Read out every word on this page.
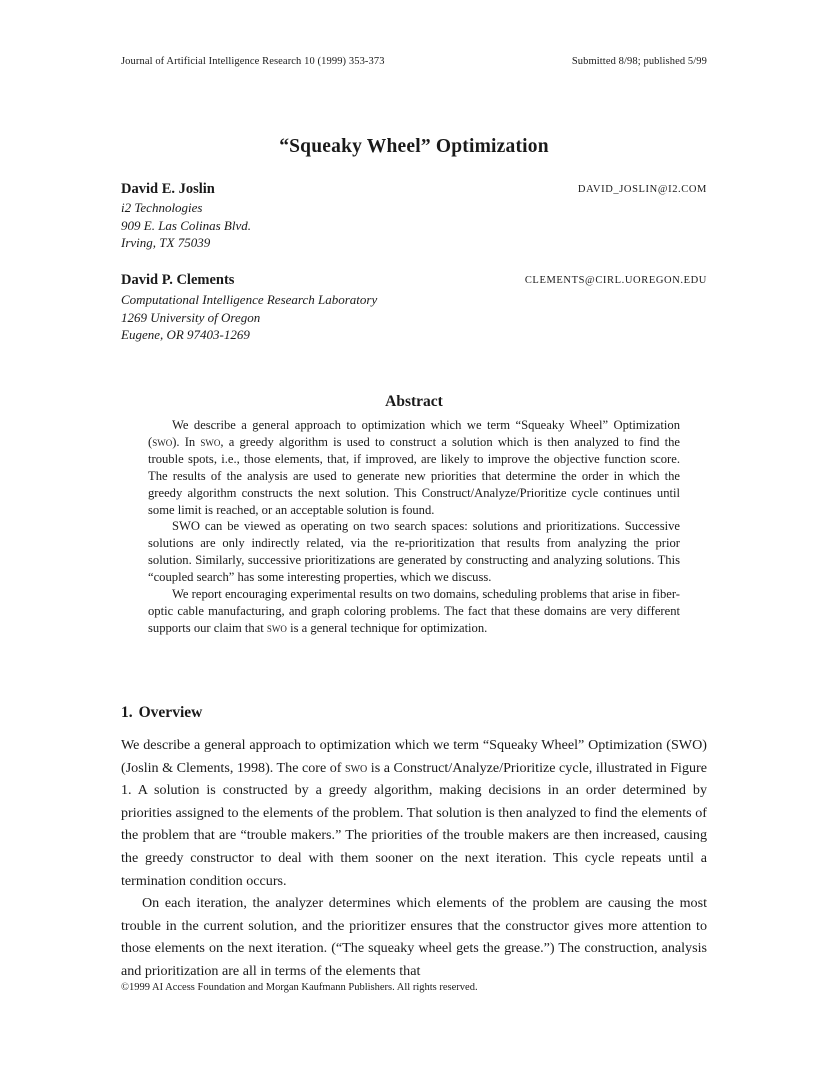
Journal of Artificial Intelligence Research 10 (1999) 353-373	Submitted 8/98; published 5/99
“Squeaky Wheel” Optimization
David E. Joslin	DAVID_JOSLIN@I2.COM
i2 Technologies
909 E. Las Colinas Blvd.
Irving, TX 75039
David P. Clements	CLEMENTS@CIRL.UOREGON.EDU
Computational Intelligence Research Laboratory
1269 University of Oregon
Eugene, OR 97403-1269
Abstract

We describe a general approach to optimization which we term “Squeaky Wheel” Optimization (swo). In swo, a greedy algorithm is used to construct a solution which is then analyzed to find the trouble spots, i.e., those elements, that, if improved, are likely to improve the objective function score. The results of the analysis are used to generate new priorities that determine the order in which the greedy algorithm constructs the next solution. This Construct/Analyze/Prioritize cycle continues until some limit is reached, or an acceptable solution is found.

SWO can be viewed as operating on two search spaces: solutions and prioritizations. Successive solutions are only indirectly related, via the re-prioritization that results from analyzing the prior solution. Similarly, successive prioritizations are generated by constructing and analyzing solutions. This “coupled search” has some interesting properties, which we discuss.

We report encouraging experimental results on two domains, scheduling problems that arise in fiber-optic cable manufacturing, and graph coloring problems. The fact that these domains are very different supports our claim that swo is a general technique for optimization.

1. Overview

We describe a general approach to optimization which we term “Squeaky Wheel” Optimization (SWO) (Joslin & Clements, 1998). The core of swo is a Construct/Analyze/Prioritize cycle, illustrated in Figure 1. A solution is constructed by a greedy algorithm, making decisions in an order determined by priorities assigned to the elements of the problem. That solution is then analyzed to find the elements of the problem that are “trouble makers.” The priorities of the trouble makers are then increased, causing the greedy constructor to deal with them sooner on the next iteration. This cycle repeats until a termination condition occurs.

On each iteration, the analyzer determines which elements of the problem are causing the most trouble in the current solution, and the prioritizer ensures that the constructor gives more attention to those elements on the next iteration. (“The squeaky wheel gets the grease.”) The construction, analysis and prioritization are all in terms of the elements that

©1999 AI Access Foundation and Morgan Kaufmann Publishers. All rights reserved.
